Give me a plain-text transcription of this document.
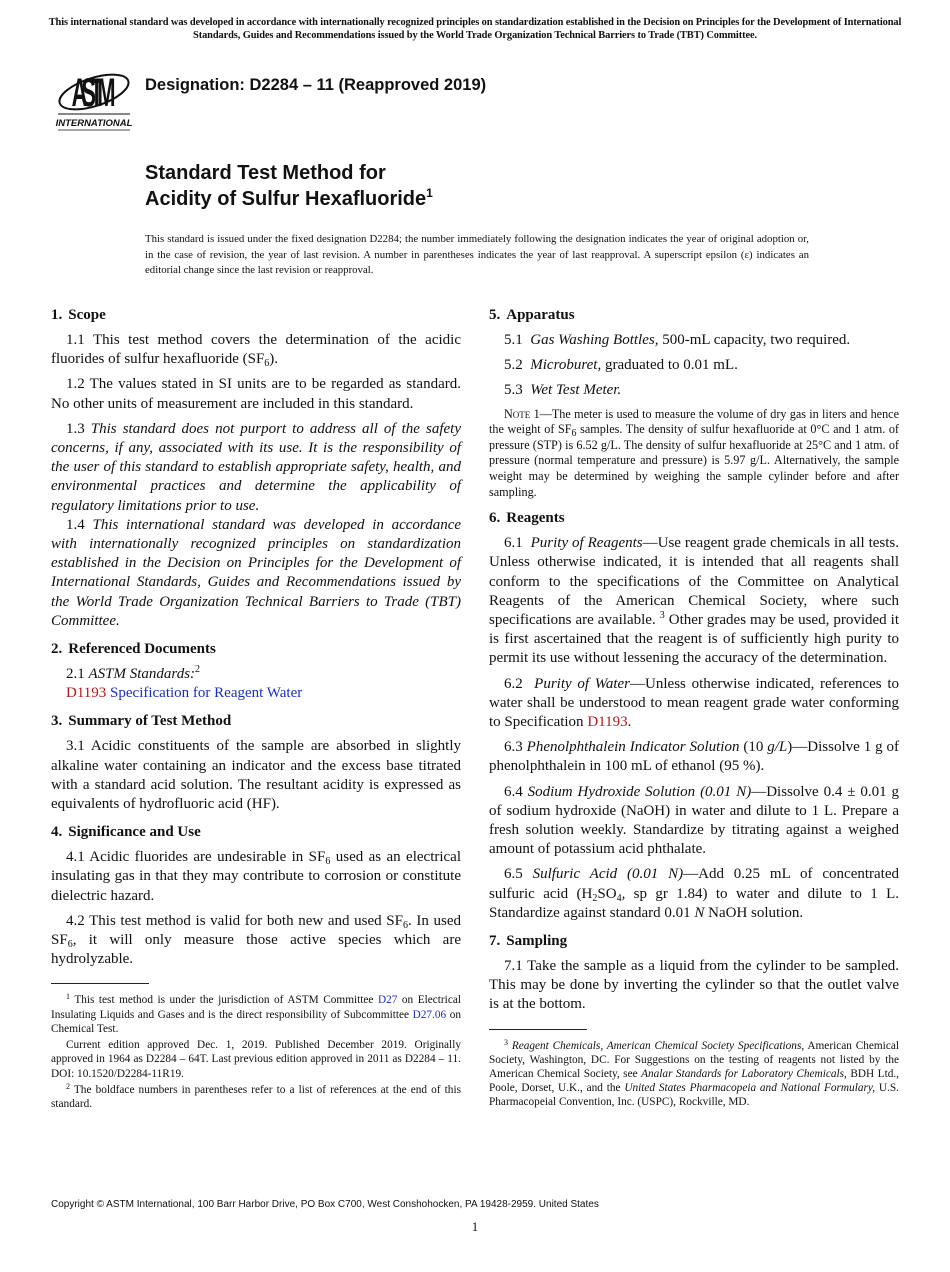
This international standard was developed in accordance with internationally recognized principles on standardization established in the Decision on Principles for the Development of International Standards, Guides and Recommendations issued by the World Trade Organization Technical Barriers to Trade (TBT) Committee.
ASTM
INTERNATIONAL
Designation: D2284 – 11 (Reapproved 2019)
Standard Test Method for
Acidity of Sulfur Hexafluoride$^1$
This standard is issued under the fixed designation D2284; the number immediately following the designation indicates the year of original adoption or, in the case of revision, the year of last revision. A number in parentheses indicates the year of last reapproval. A superscript epsilon (ε) indicates an editorial change since the last revision or reapproval.
1. Scope

1.1 This test method covers the determination of the acidic fluorides of sulfur hexafluoride $(SF_6)$.

1.2 The values stated in SI units are to be regarded as standard. No other units of measurement are included in this standard.

1.3 This standard does not purport to address all of the safety concerns, if any, associated with its use. It is the responsibility of the user of this standard to establish appropriate safety, health, and environmental practices and determine the applicability of regulatory limitations prior to use.

1.4 This international standard was developed in accordance with internationally recognized principles on standardization established in the Decision on Principles for the Development of International Standards, Guides and Recommendations issued by the World Trade Organization Technical Barriers to Trade (TBT) Committee.

2. Referenced Documents

2.1 ASTM Standards:$^2$

D1193 Specification for Reagent Water

3. Summary of Test Method

3.1 Acidic constituents of the sample are absorbed in slightly alkaline water containing an indicator and the excess base titrated with a standard acid solution. The resultant acidity is expressed as equivalents of hydrofluoric acid (HF).

4. Significance and Use

4.1 Acidic fluorides are undesirable in $SF_6$ used as an electrical insulating gas in that they may contribute to corrosion or constitute dielectric hazard.

4.2 This test method is valid for both new and used $SF_6$. In used $SF_6$, it will only measure those active species which are hydrolyzable.

$^1$ This test method is under the jurisdiction of ASTM Committee D27 on Electrical Insulating Liquids and Gases and is the direct responsibility of Subcommittee D27.06 on Chemical Test.

Current edition approved Dec. 1, 2019. Published December 2019. Originally approved in 1964 as D2284 – 64T. Last previous edition approved in 2011 as D2284 – 11. DOI: 10.1520/D2284-11R19.

$^2$ The boldface numbers in parentheses refer to a list of references at the end of this standard.

5. Apparatus

5.1 Gas Washing Bottles, 500-mL capacity, two required.

5.2 Microburet, graduated to 0.01 mL.

5.3 Wet Test Meter.

Note 1—The meter is used to measure the volume of dry gas in liters and hence the weight of $SF_6$ samples. The density of sulfur hexafluoride at 0°C and 1 atm. of pressure (STP) is 6.52 g/L. The density of sulfur hexafluoride at 25°C and 1 atm. of pressure (normal temperature and pressure) is 5.97 g/L. Alternatively, the sample weight may be determined by weighing the sample cylinder before and after sampling.

6. Reagents

6.1 Purity of Reagents—Use reagent grade chemicals in all tests. Unless otherwise indicated, it is intended that all reagents shall conform to the specifications of the Committee on Analytical Reagents of the American Chemical Society, where such specifications are available. $^3$ Other grades may be used, provided it is first ascertained that the reagent is of sufficiently high purity to permit its use without lessening the accuracy of the determination.

6.2 Purity of Water—Unless otherwise indicated, references to water shall be understood to mean reagent grade water conforming to Specification D1193.

6.3 Phenolphthalein Indicator Solution (10 g/L)—Dissolve 1 g of phenolphthalein in 100 mL of ethanol (95 %).

6.4 Sodium Hydroxide Solution (0.01 N)—Dissolve 0.4 ± 0.01 g of sodium hydroxide (NaOH) in water and dilute to 1 L. Prepare a fresh solution weekly. Standardize by titrating against a weighed amount of potassium acid phthalate.

6.5 Sulfuric Acid (0.01 N)—Add 0.25 mL of concentrated sulfuric acid ($H_2SO_4$, sp gr 1.84) to water and dilute to 1 L. Standardize against standard 0.01 N NaOH solution.

7. Sampling

7.1 Take the sample as a liquid from the cylinder to be sampled. This may be done by inverting the cylinder so that the outlet valve is at the bottom.

$^3$ Reagent Chemicals, American Chemical Society Specifications, American Chemical Society, Washington, DC. For Suggestions on the testing of reagents not listed by the American Chemical Society, see Analar Standards for Laboratory Chemicals, BDH Ltd., Poole, Dorset, U.K., and the United States Pharmacopeia and National Formulary, U.S. Pharmacopeial Convention, Inc. (USPC), Rockville, MD.

Copyright © ASTM International, 100 Barr Harbor Drive, PO Box C700, West Conshohocken, PA 19428-2959. United States
1
